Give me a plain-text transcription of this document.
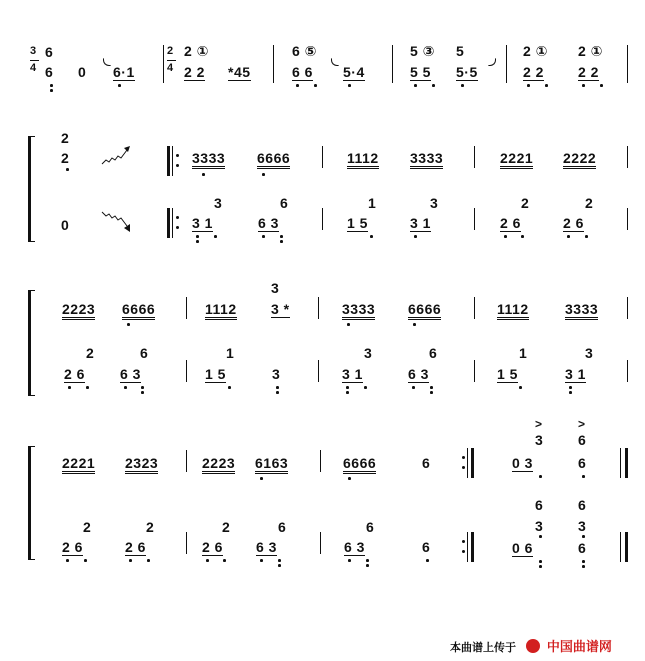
3
4
6
6 0 6·1
2
4
2 ①
2 2 *45
6 ⑤
6 6 5·4
5 ③ 5
5 5 5·5
2 ① 2 ①
2 2 2 2
2
2	3333 6666	1112 3333	2221 2222
0
3
3 1
6
6 3
1
1 5
3
3 1
2
2 6
2
2 6
2223 6666	1112
3
3 *	3333 6666	1112	3333
2
2 6
6
6 3
1
1 5	3
3
3 1
6
6 3
1
1 5
3
3 1
2221 2323	2223 6163	6666	6
>	>
3 6
0 3	6
2
2 6
2
2 6
2
2 6
6
6 3
6
6 3	6
6 6
3 3
0 6	6
本曲谱上传于 中国曲谱网
